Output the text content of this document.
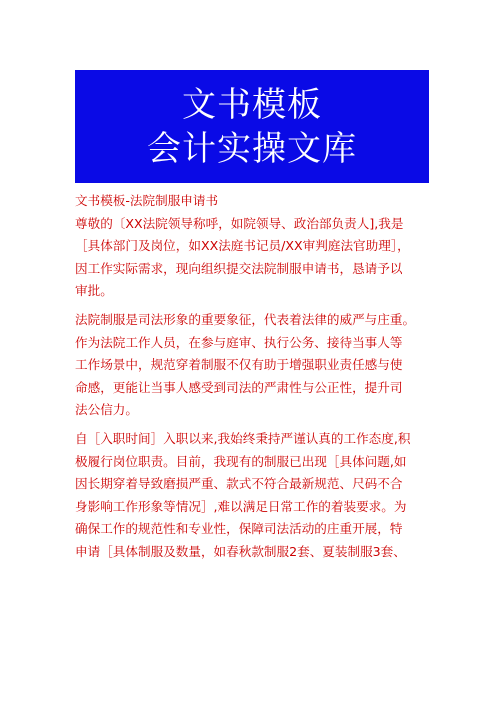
文书模板
会计实操文库
文书模板-法院制服申请书
尊敬的〔XX法院领导称呼，如院领导、政治部负责人],我是
［具体部门及岗位，如XX法庭书记员/XX审判庭法官助理］，
因工作实际需求，现向组织提交法院制服申请书，恳请予以
审批。
法院制服是司法形象的重要象征，代表着法律的威严与庄重。
作为法院工作人员，在参与庭审、执行公务、接待当事人等
工作场景中，规范穿着制服不仅有助于增强职业责任感与使
命感，更能让当事人感受到司法的严肃性与公正性，提升司
法公信力。
自［入职时间］入职以来,我始终秉持严谨认真的工作态度,积
极履行岗位职责。目前，我现有的制服已出现［具体问题,如
因长期穿着导致磨损严重、款式不符合最新规范、尺码不合
身影响工作形象等情况］,难以满足日常工作的着装要求。为
确保工作的规范性和专业性，保障司法活动的庄重开展，特
申请［具体制服及数量，如春秋款制服2套、夏装制服3套、
